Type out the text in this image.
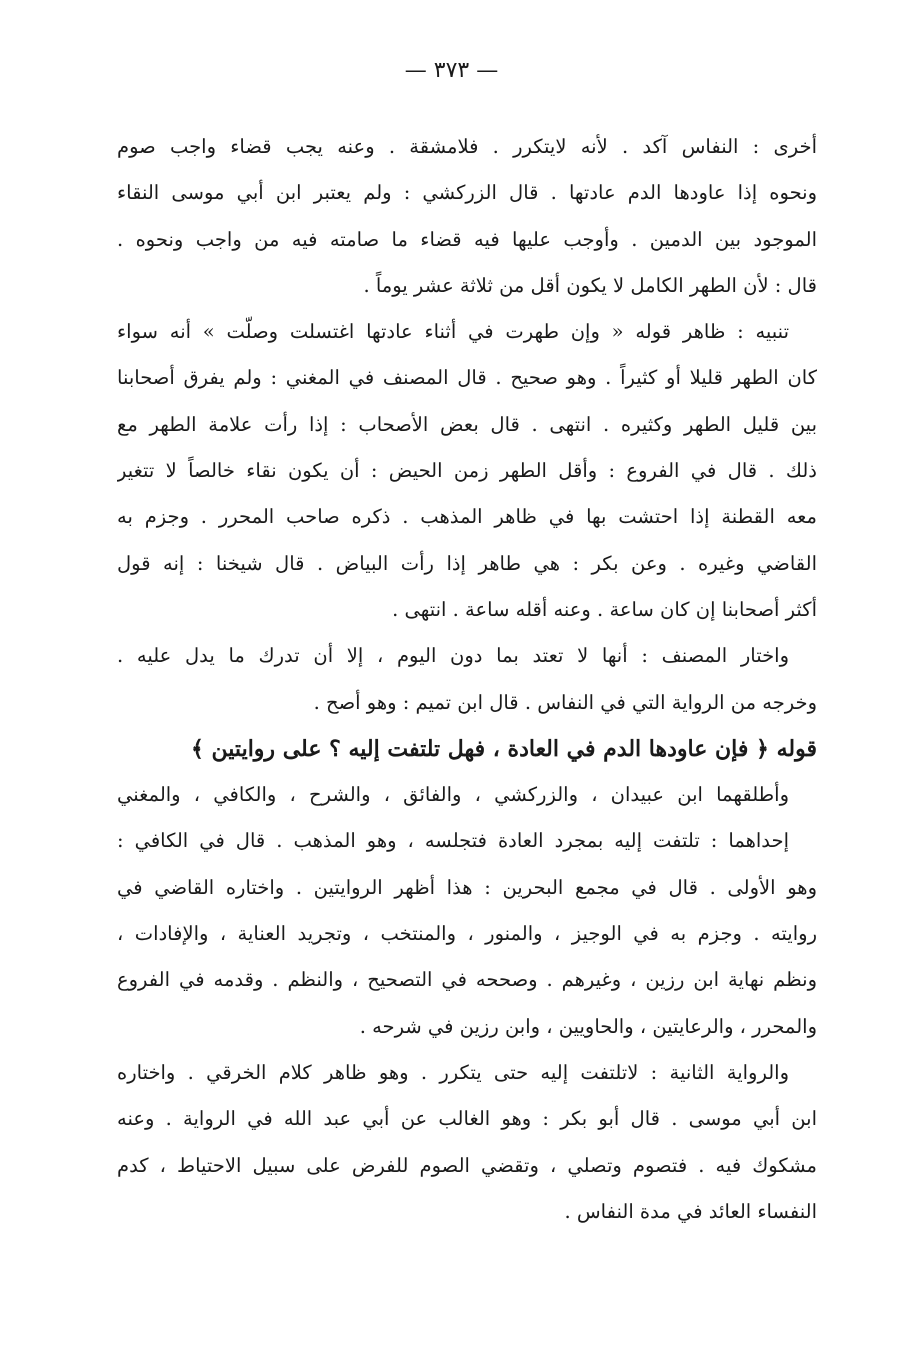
— ٣٧٣ —
أخرى : النفاس آكد . لأنه لايتكرر . فلامشقة . وعنه يجب قضاء واجب صوم
ونحوه إذا عاودها الدم عادتها . قال الزركشي : ولم يعتبر ابن أبي موسى النقاء
الموجود بين الدمين . وأوجب عليها فيه قضاء ما صامته فيه من واجب ونحوه .
قال : لأن الطهر الكامل لا يكون أقل من ثلاثة عشر يوماً .
تنبيه : ظاهر قوله « وإن طهرت في أثناء عادتها اغتسلت وصلّت » أنه سواء
كان الطهر قليلا أو كثيراً . وهو صحيح . قال المصنف في المغني : ولم يفرق أصحابنا
بين قليل الطهر وكثيره . انتهى . قال بعض الأصحاب : إذا رأت علامة الطهر مع
ذلك . قال في الفروع : وأقل الطهر زمن الحيض : أن يكون نقاء خالصاً لا تتغير
معه القطنة إذا احتشت بها في ظاهر المذهب . ذكره صاحب المحرر . وجزم به
القاضي وغيره . وعن بكر : هي طاهر إذا رأت البياض . قال شيخنا : إنه قول
أكثر أصحابنا إن كان ساعة . وعنه أقله ساعة . انتهى .
واختار المصنف : أنها لا تعتد بما دون اليوم ، إلا أن تدرك ما يدل عليه .
وخرجه من الرواية التي في النفاس . قال ابن تميم : وهو أصح .
قوله ﴿ فإن عاودها الدم في العادة ، فهل تلتفت إليه ؟ على روايتين ﴾
وأطلقهما ابن عبيدان ، والزركشي ، والفائق ، والشرح ، والكافي ، والمغني
إحداهما : تلتفت إليه بمجرد العادة فتجلسه ، وهو المذهب . قال في الكافي :
وهو الأولى . قال في مجمع البحرين : هذا أظهر الروايتين . واختاره القاضي في
روايته . وجزم به في الوجيز ، والمنور ، والمنتخب ، وتجريد العناية ، والإفادات ،
ونظم نهاية ابن رزين ، وغيرهم . وصححه في التصحيح ، والنظم . وقدمه في الفروع
والمحرر ، والرعايتين ، والحاويين ، وابن رزين في شرحه .
والرواية الثانية : لاتلتفت إليه حتى يتكرر . وهو ظاهر كلام الخرقي . واختاره
ابن أبي موسى . قال أبو بكر : وهو الغالب عن أبي عبد الله في الرواية . وعنه
مشكوك فيه . فتصوم وتصلي ، وتقضي الصوم للفرض على سبيل الاحتياط ، كدم
النفساء العائد في مدة النفاس .
